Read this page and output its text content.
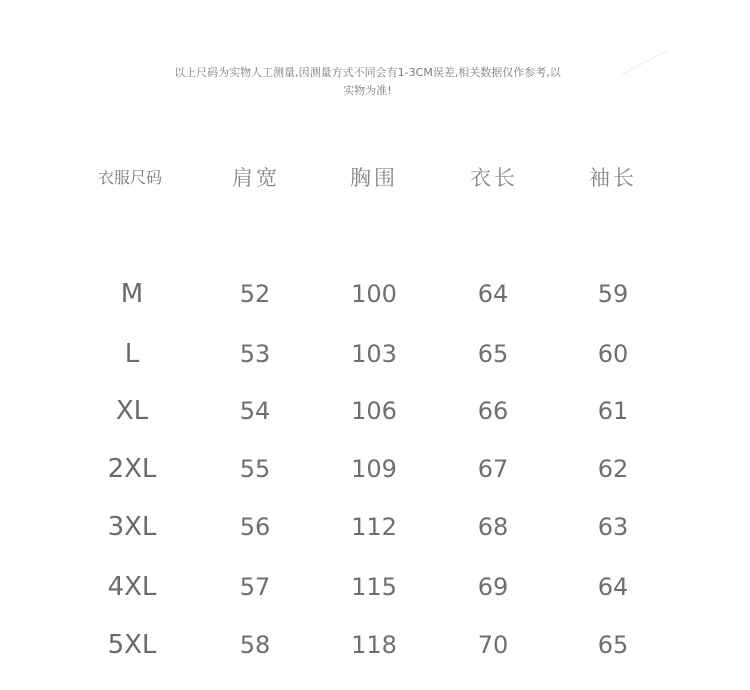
以上尺码为实物人工测量,因测量方式不同会有1-3CM误差,相关数据仅作参考,以
实物为准!
衣服尺码	肩宽	胸围	衣长	袖长
M	52	100	64	59
L	53	103	65	60
XL	54	106	66	61
2XL	55	109	67	62
3XL	56	112	68	63
4XL	57	115	69	64
5XL	58	118	70	65
